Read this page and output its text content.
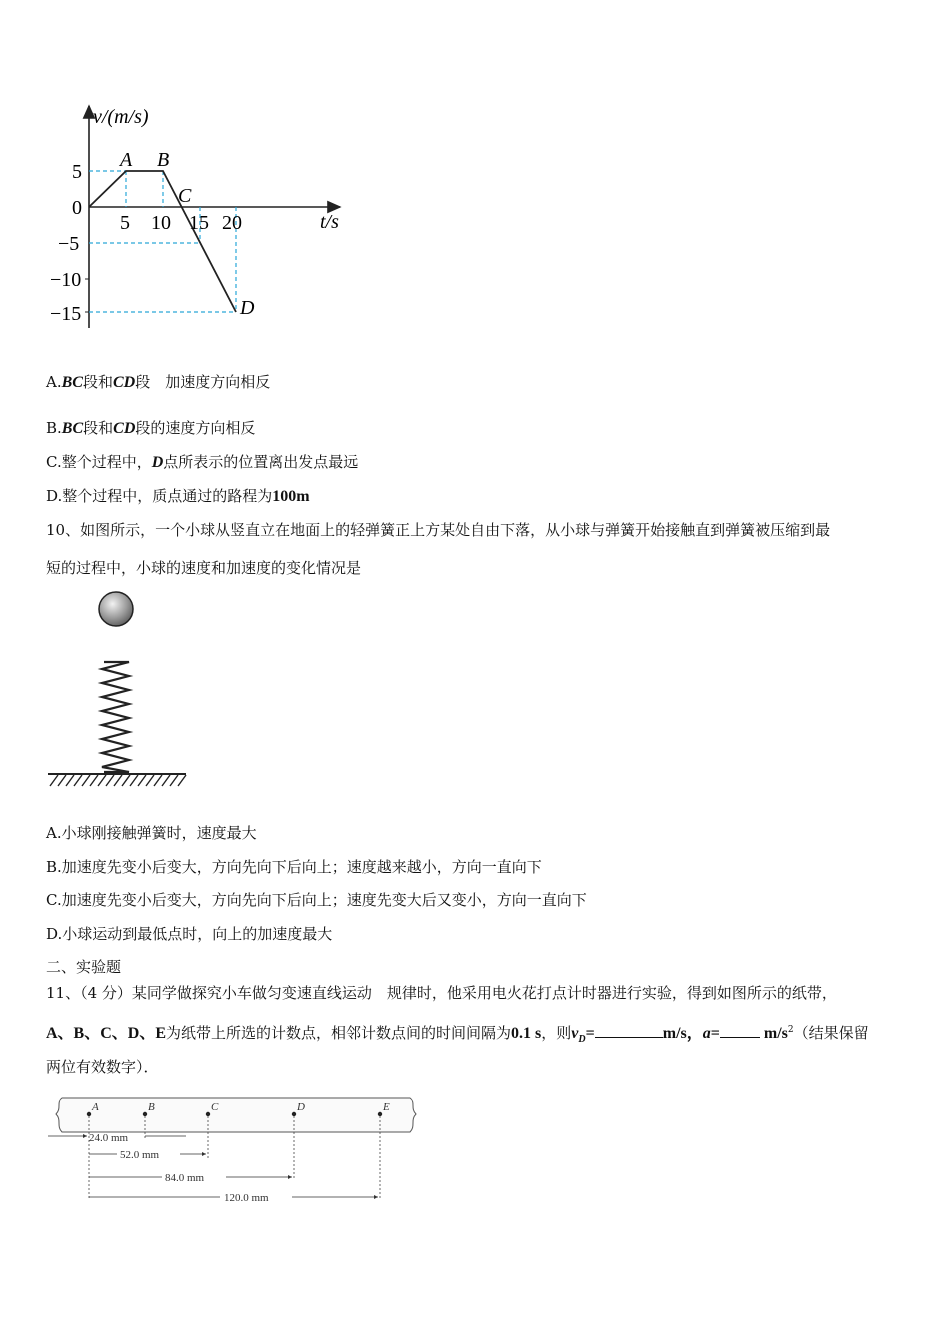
v/(m/s)
t/s
5
0
−5
−10
−15
5 10 15 20
A B
C
D
A.BC段和CD段　加速度方向相反
B.BC段和CD段的速度方向相反
C.整个过程中，D点所表示的位置离出发点最远
D.整个过程中，质点通过的路程为100m
10、如图所示，一个小球从竖直立在地面上的轻弹簧正上方某处自由下落，从小球与弹簧开始接触直到弹簧被压缩到最
短的过程中，小球的速度和加速度的变化情况是
A.小球刚接触弹簧时，速度最大
B.加速度先变小后变大，方向先向下后向上；速度越来越小，方向一直向下
C.加速度先变小后变大，方向先向下后向上；速度先变大后又变小，方向一直向下
D.小球运动到最低点时，向上的加速度最大
二、实验题
11、（4 分）某同学做探究小车做匀变速直线运动　规律时，他采用电火花打点计时器进行实验，得到如图所示的纸带，
A、B、C、D、E为纸带上所选的计数点，相邻计数点间的时间间隔为0.1 s，则$v_D=$	m/s，a=	$m/s^2$（结果保留
两位有效数字）．
A	B	C	D	E
24.0 mm
52.0 mm
84.0 mm
120.0 mm
